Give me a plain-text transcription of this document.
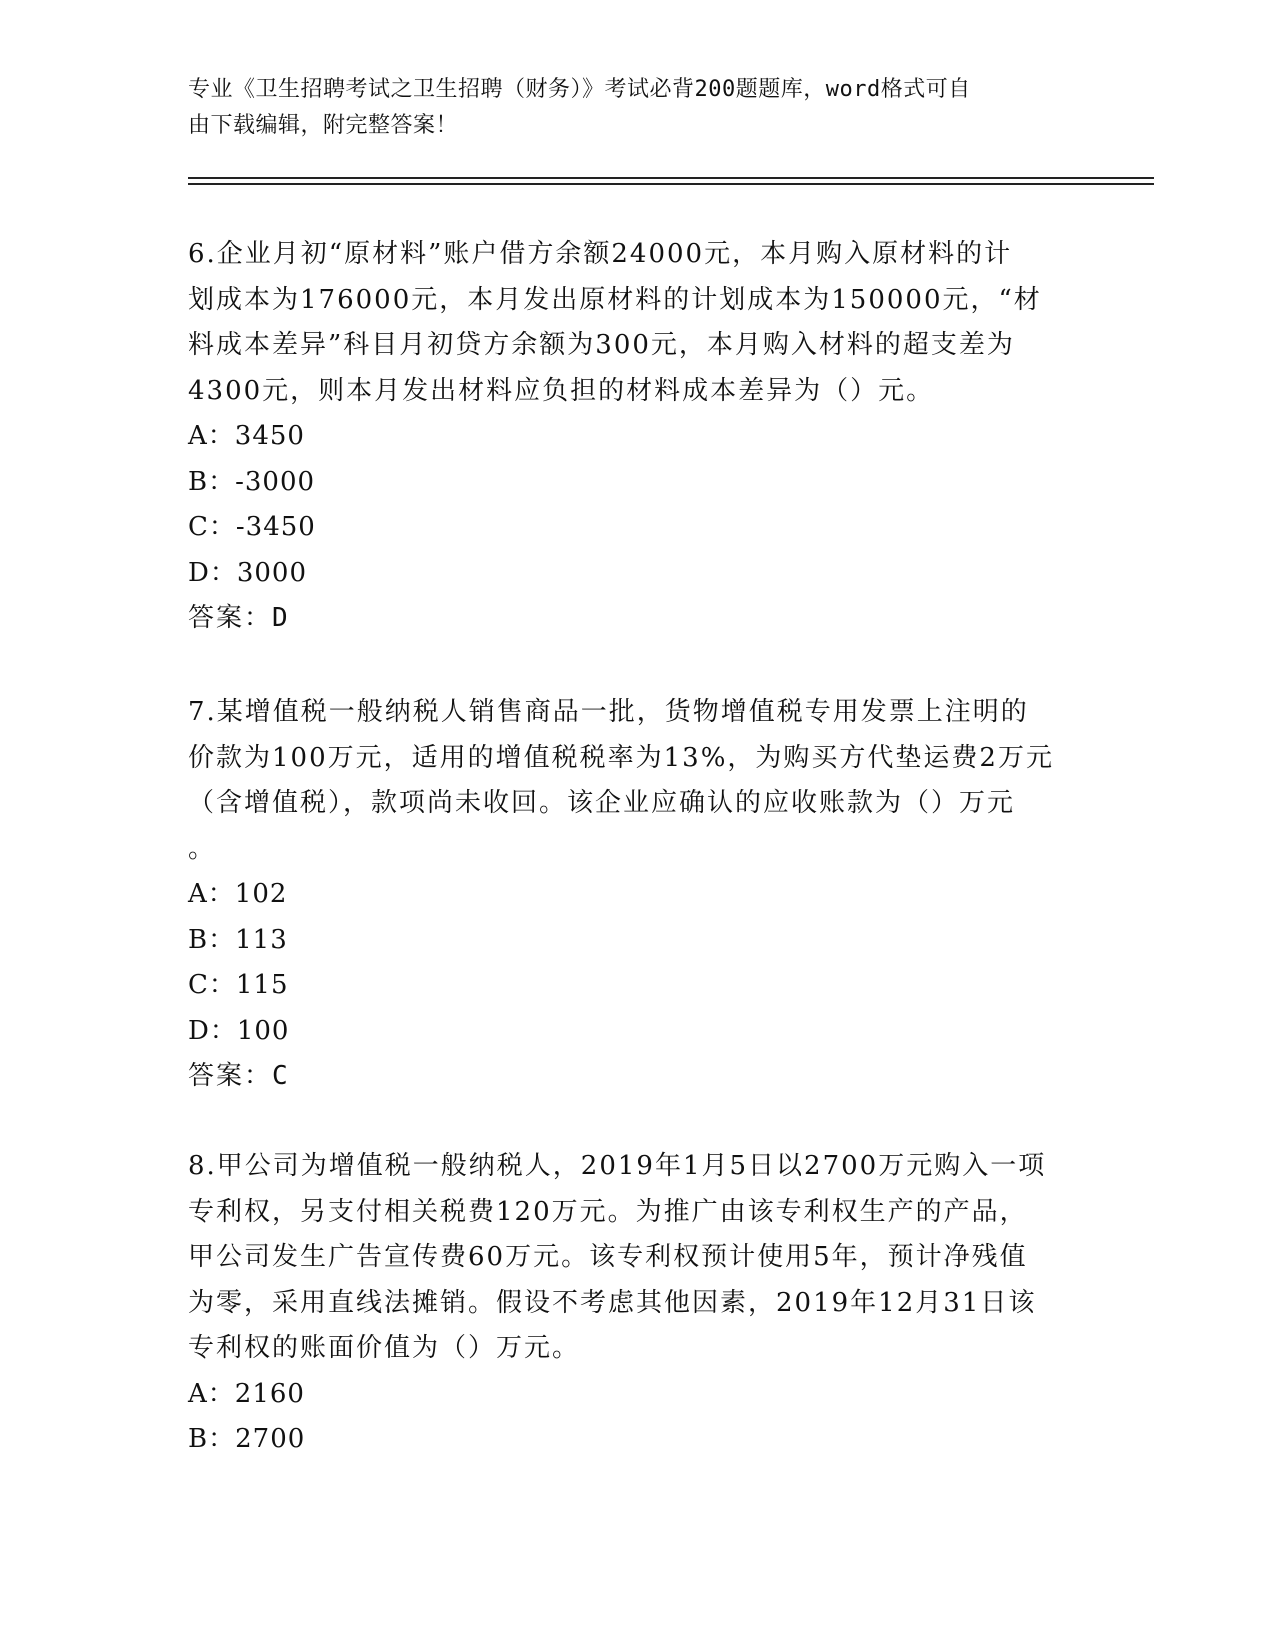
专业《卫生招聘考试之卫生招聘（财务）》考试必背200题题库，word格式可自
由下载编辑，附完整答案！

6.企业月初“原材料”账户借方余额24000元，本月购入原材料的计

划成本为176000元，本月发出原材料的计划成本为150000元，“材

料成本差异”科目月初贷方余额为300元，本月购入材料的超支差为

4300元，则本月发出材料应负担的材料成本差异为（）元。

A：3450

B：-3000

C：-3450

D：3000

答案：D

7.某增值税一般纳税人销售商品一批，货物增值税专用发票上注明的

价款为100万元，适用的增值税税率为13%，为购买方代垫运费2万元

（含增值税），款项尚未收回。该企业应确认的应收账款为（）万元

。

A：102

B：113

C：115

D：100

答案：C

8.甲公司为增值税一般纳税人，2019年1月5日以2700万元购入一项

专利权，另支付相关税费120万元。为推广由该专利权生产的产品，

甲公司发生广告宣传费60万元。该专利权预计使用5年，预计净残值

为零，采用直线法摊销。假设不考虑其他因素，2019年12月31日该

专利权的账面价值为（）万元。

A：2160

B：2700
